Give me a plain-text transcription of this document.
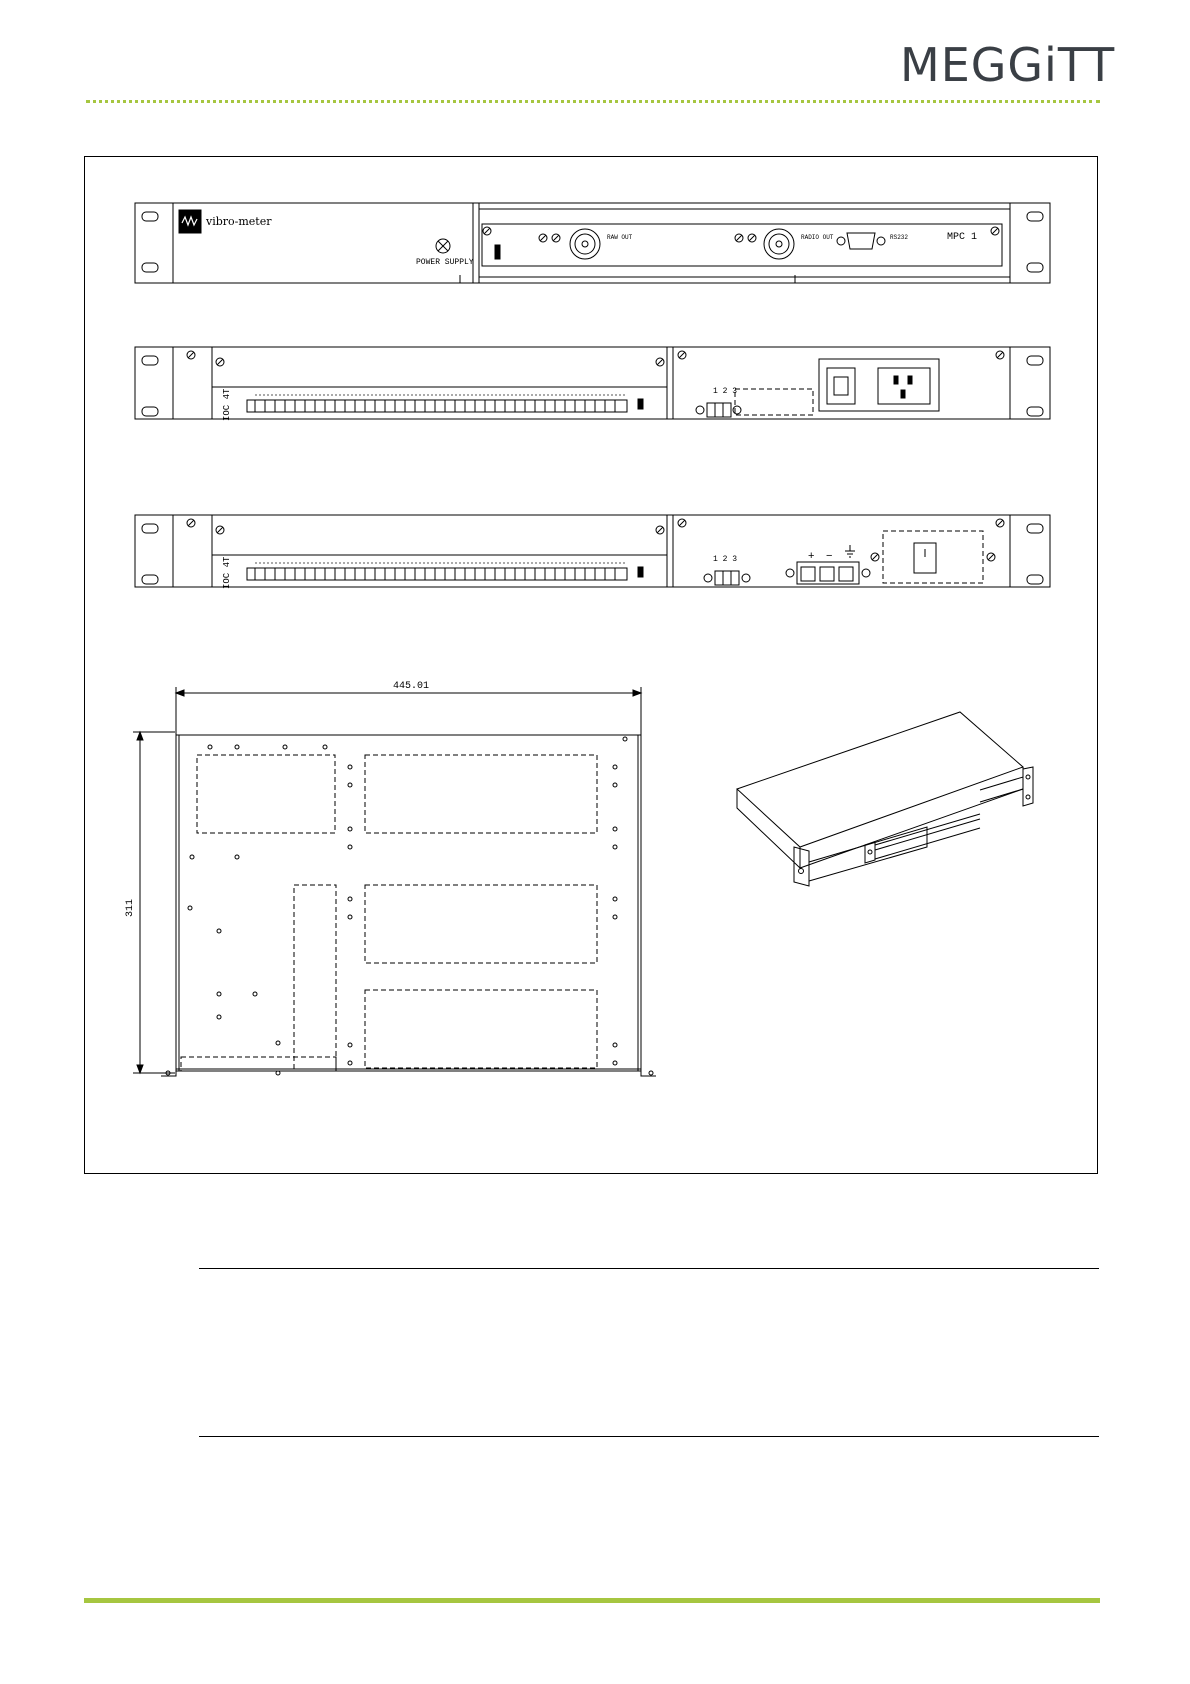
MEGGiTT
vibro-meter
POWER SUPPLY
RAW OUT	RADIO OUT	RS232	MPC 1
IOC 4T	1 2 3
IOC 4T	1 2 3	+ −
445.01
311
